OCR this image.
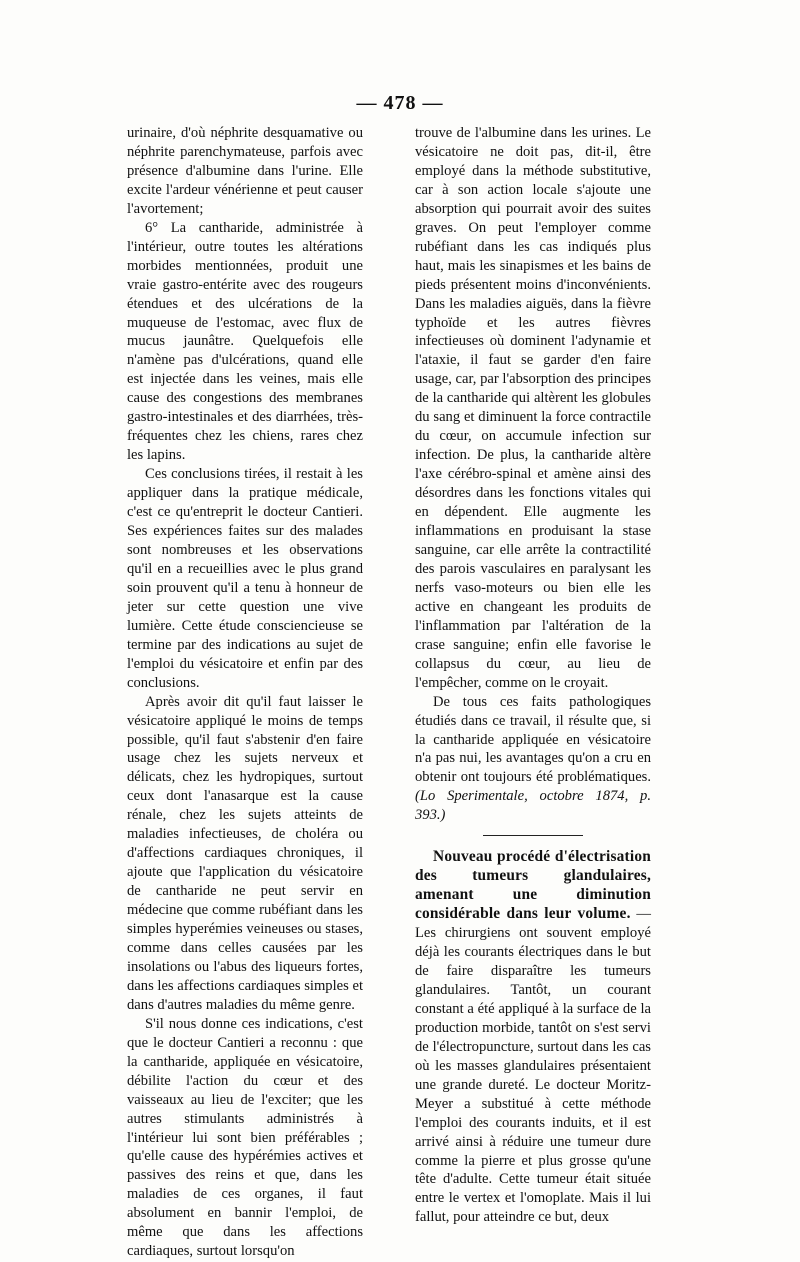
— 478 —

urinaire, d'où néphrite desquamative ou néphrite parenchymateuse, parfois avec présence d'albumine dans l'urine. Elle excite l'ardeur vénérienne et peut causer l'avortement;

6° La cantharide, administrée à l'intérieur, outre toutes les altérations morbides mentionnées, produit une vraie gastro-entérite avec des rougeurs étendues et des ulcérations de la muqueuse de l'estomac, avec flux de mucus jaunâtre. Quelquefois elle n'amène pas d'ulcérations, quand elle est injectée dans les veines, mais elle cause des congestions des membranes gastro-intestinales et des diarrhées, très-fréquentes chez les chiens, rares chez les lapins.

Ces conclusions tirées, il restait à les appliquer dans la pratique médicale, c'est ce qu'entreprit le docteur Cantieri. Ses expériences faites sur des malades sont nombreuses et les observations qu'il en a recueillies avec le plus grand soin prouvent qu'il a tenu à honneur de jeter sur cette question une vive lumière. Cette étude consciencieuse se termine par des indications au sujet de l'emploi du vésicatoire et enfin par des conclusions.

Après avoir dit qu'il faut laisser le vésicatoire appliqué le moins de temps possible, qu'il faut s'abstenir d'en faire usage chez les sujets nerveux et délicats, chez les hydropiques, surtout ceux dont l'anasarque est la cause rénale, chez les sujets atteints de maladies infectieuses, de choléra ou d'affections cardiaques chroniques, il ajoute que l'application du vésicatoire de cantharide ne peut servir en médecine que comme rubéfiant dans les simples hyperémies veineuses ou stases, comme dans celles causées par les insolations ou l'abus des liqueurs fortes, dans les affections cardiaques simples et dans d'autres maladies du même genre.

S'il nous donne ces indications, c'est que le docteur Cantieri a reconnu : que la cantharide, appliquée en vésicatoire, débilite l'action du cœur et des vaisseaux au lieu de l'exciter; que les autres stimulants administrés à l'intérieur lui sont bien préférables ; qu'elle cause des hypérémies actives et passives des reins et que, dans les maladies de ces organes, il faut absolument en bannir l'emploi, de même que dans les affections cardiaques, surtout lorsqu'on

trouve de l'albumine dans les urines. Le vésicatoire ne doit pas, dit-il, être employé dans la méthode substitutive, car à son action locale s'ajoute une absorption qui pourrait avoir des suites graves. On peut l'employer comme rubéfiant dans les cas indiqués plus haut, mais les sinapismes et les bains de pieds présentent moins d'inconvénients. Dans les maladies aiguës, dans la fièvre typhoïde et les autres fièvres infectieuses où dominent l'adynamie et l'ataxie, il faut se garder d'en faire usage, car, par l'absorption des principes de la cantharide qui altèrent les globules du sang et diminuent la force contractile du cœur, on accumule infection sur infection. De plus, la cantharide altère l'axe cérébro-spinal et amène ainsi des désordres dans les fonctions vitales qui en dépendent. Elle augmente les inflammations en produisant la stase sanguine, car elle arrête la contractilité des parois vasculaires en paralysant les nerfs vaso-moteurs ou bien elle les active en changeant les produits de l'inflammation par l'altération de la crase sanguine; enfin elle favorise le collapsus du cœur, au lieu de l'empêcher, comme on le croyait.

De tous ces faits pathologiques étudiés dans ce travail, il résulte que, si la cantharide appliquée en vésicatoire n'a pas nui, les avantages qu'on a cru en obtenir ont toujours été problématiques. (Lo Sperimentale, octobre 1874, p. 393.)

Nouveau procédé d'électrisation des tumeurs glandulaires, amenant une diminution considérable dans leur volume. — Les chirurgiens ont souvent employé déjà les courants électriques dans le but de faire disparaître les tumeurs glandulaires. Tantôt, un courant constant a été appliqué à la surface de la production morbide, tantôt on s'est servi de l'électropuncture, surtout dans les cas où les masses glandulaires présentaient une grande dureté. Le docteur Moritz-Meyer a substitué à cette méthode l'emploi des courants induits, et il est arrivé ainsi à réduire une tumeur dure comme la pierre et plus grosse qu'une tête d'adulte. Cette tumeur était située entre le vertex et l'omoplate. Mais il lui fallut, pour atteindre ce but, deux
